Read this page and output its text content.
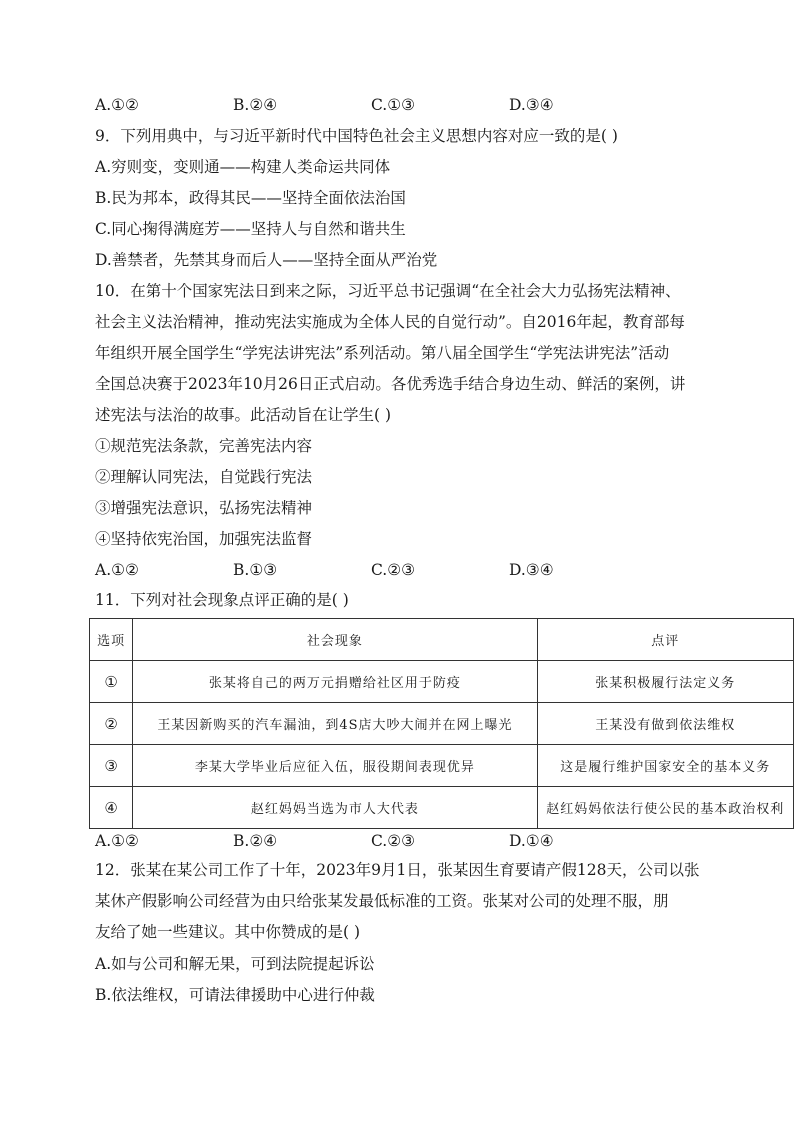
A.①②	B.②④	C.①③	D.③④
9．下列用典中，与习近平新时代中国特色社会主义思想内容对应一致的是( )
A.穷则变，变则通——构建人类命运共同体
B.民为邦本，政得其民——坚持全面依法治国
C.同心掬得满庭芳——坚持人与自然和谐共生
D.善禁者，先禁其身而后人——坚持全面从严治党
10．在第十个国家宪法日到来之际，习近平总书记强调“在全社会大力弘扬宪法精神、
社会主义法治精神，推动宪法实施成为全体人民的自觉行动”。自2016年起，教育部每
年组织开展全国学生“学宪法讲宪法”系列活动。第八届全国学生“学宪法讲宪法”活动
全国总决赛于2023年10月26日正式启动。各优秀选手结合身边生动、鲜活的案例，讲
述宪法与法治的故事。此活动旨在让学生( )
①规范宪法条款，完善宪法内容
②理解认同宪法，自觉践行宪法
③增强宪法意识，弘扬宪法精神
④坚持依宪治国，加强宪法监督
A.①②	B.①③	C.②③	D.③④
11．下列对社会现象点评正确的是( )
选项	社会现象	点评
①	张某将自己的两万元捐赠给社区用于防疫	张某积极履行法定义务
②	王某因新购买的汽车漏油，到4S店大吵大闹并在网上曝光	王某没有做到依法维权
③	李某大学毕业后应征入伍，服役期间表现优异	这是履行维护国家安全的基本义务
④	赵红妈妈当选为市人大代表	赵红妈妈依法行使公民的基本政治权利
A.①②	B.②④	C.②③	D.①④
12．张某在某公司工作了十年，2023年9月1日，张某因生育要请产假128天，公司以张
某休产假影响公司经营为由只给张某发最低标准的工资。张某对公司的处理不服，朋
友给了她一些建议。其中你赞成的是( )
A.如与公司和解无果，可到法院提起诉讼
B.依法维权，可请法律援助中心进行仲裁
